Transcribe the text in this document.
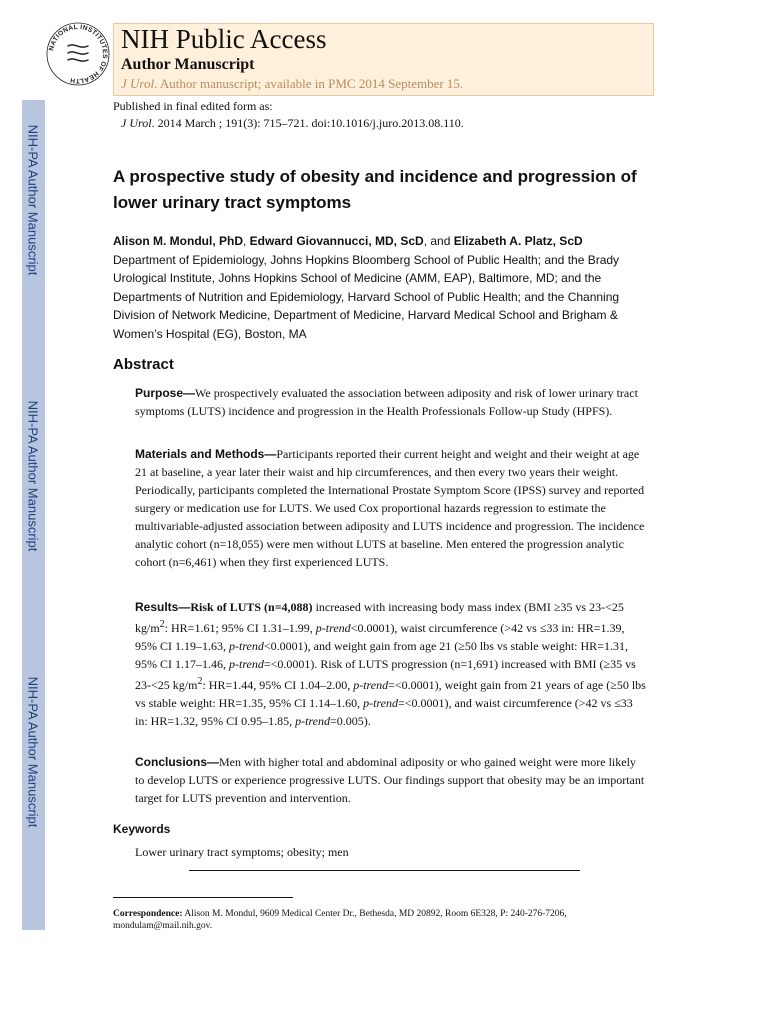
NIH-PA Author Manuscript
NIH-PA Author Manuscript
NIH-PA Author Manuscript
NATIONAL INSTITUTES OF HEALTH
NIH Public Access
Author Manuscript
J Urol. Author manuscript; available in PMC 2014 September 15.
Published in final edited form as:
J Urol. 2014 March ; 191(3): 715–721. doi:10.1016/j.juro.2013.08.110.
A prospective study of obesity and incidence and progression of lower urinary tract symptoms
Alison M. Mondul, PhD, Edward Giovannucci, MD, ScD, and Elizabeth A. Platz, ScD
Department of Epidemiology, Johns Hopkins Bloomberg School of Public Health; and the Brady Urological Institute, Johns Hopkins School of Medicine (AMM, EAP), Baltimore, MD; and the Departments of Nutrition and Epidemiology, Harvard School of Public Health; and the Channing Division of Network Medicine, Department of Medicine, Harvard Medical School and Brigham & Women’s Hospital (EG), Boston, MA
Abstract
Purpose—We prospectively evaluated the association between adiposity and risk of lower urinary tract symptoms (LUTS) incidence and progression in the Health Professionals Follow-up Study (HPFS).
Materials and Methods—Participants reported their current height and weight and their weight at age 21 at baseline, a year later their waist and hip circumferences, and then every two years their weight. Periodically, participants completed the International Prostate Symptom Score (IPSS) survey and reported surgery or medication use for LUTS. We used Cox proportional hazards regression to estimate the multivariable-adjusted association between adiposity and LUTS incidence and progression. The incidence analytic cohort (n=18,055) were men without LUTS at baseline. Men entered the progression analytic cohort (n=6,461) when they first experienced LUTS.
Results—Risk of LUTS (n=4,088) increased with increasing body mass index (BMI ≥35 vs 23-<25 $kg/m^2$: HR=1.61; 95% CI 1.31–1.99, p-trend<0.0001), waist circumference (>42 vs ≤33 in: HR=1.39, 95% CI 1.19–1.63, p-trend<0.0001), and weight gain from age 21 (≥50 lbs vs stable weight: HR=1.31, 95% CI 1.17–1.46, p-trend=<0.0001). Risk of LUTS progression (n=1,691) increased with BMI (≥35 vs 23-<25 $kg/m^2$: HR=1.44, 95% CI 1.04–2.00, p-trend=<0.0001), weight gain from 21 years of age (≥50 lbs vs stable weight: HR=1.35, 95% CI 1.14–1.60, p-trend=<0.0001), and waist circumference (>42 vs ≤33 in: HR=1.32, 95% CI 0.95–1.85, p-trend=0.005).
Conclusions—Men with higher total and abdominal adiposity or who gained weight were more likely to develop LUTS or experience progressive LUTS. Our findings support that obesity may be an important target for LUTS prevention and intervention.
Keywords
Lower urinary tract symptoms; obesity; men
Correspondence: Alison M. Mondul, 9609 Medical Center Dr., Bethesda, MD 20892, Room 6E328, P: 240-276-7206, mondulam@mail.nih.gov.
